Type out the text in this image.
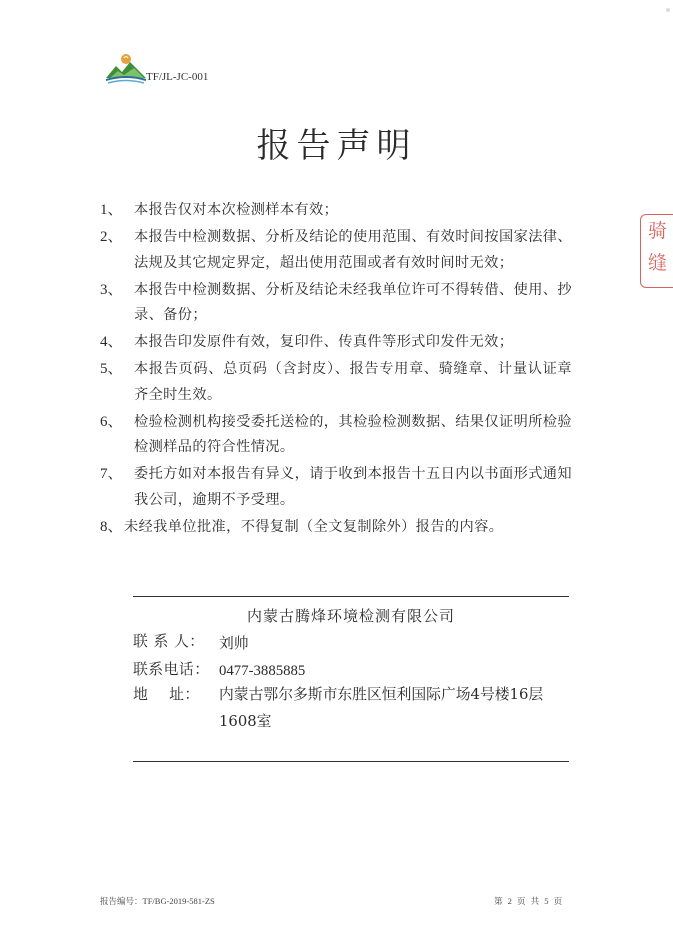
TF/JL-JC-001
报告声明
1、 本报告仅对本次检测样本有效；
2、 本报告中检测数据、分析及结论的使用范围、有效时间按国家法律、法规及其它规定界定，超出使用范围或者有效时间时无效；
3、 本报告中检测数据、分析及结论未经我单位许可不得转借、使用、抄录、备份；
4、 本报告印发原件有效，复印件、传真件等形式印发件无效；
5、 本报告页码、总页码（含封皮）、报告专用章、骑缝章、计量认证章齐全时生效。
6、 检验检测机构接受委托送检的，其检验检测数据、结果仅证明所检验检测样品的符合性情况。
7、 委托方如对本报告有异义，请于收到本报告十五日内以书面形式通知我公司，逾期不予受理。
8、 未经我单位批准，不得复制（全文复制除外）报告的内容。
内蒙古腾烽环境检测有限公司
联 系 人： 刘帅
联系电话： 0477-3885885
地    址：	内蒙古鄂尔多斯市东胜区恒利国际广场4号楼16层1608室
骑缝
报告编号：TF/BG-2019-581-ZS	第 2 页 共 5 页
